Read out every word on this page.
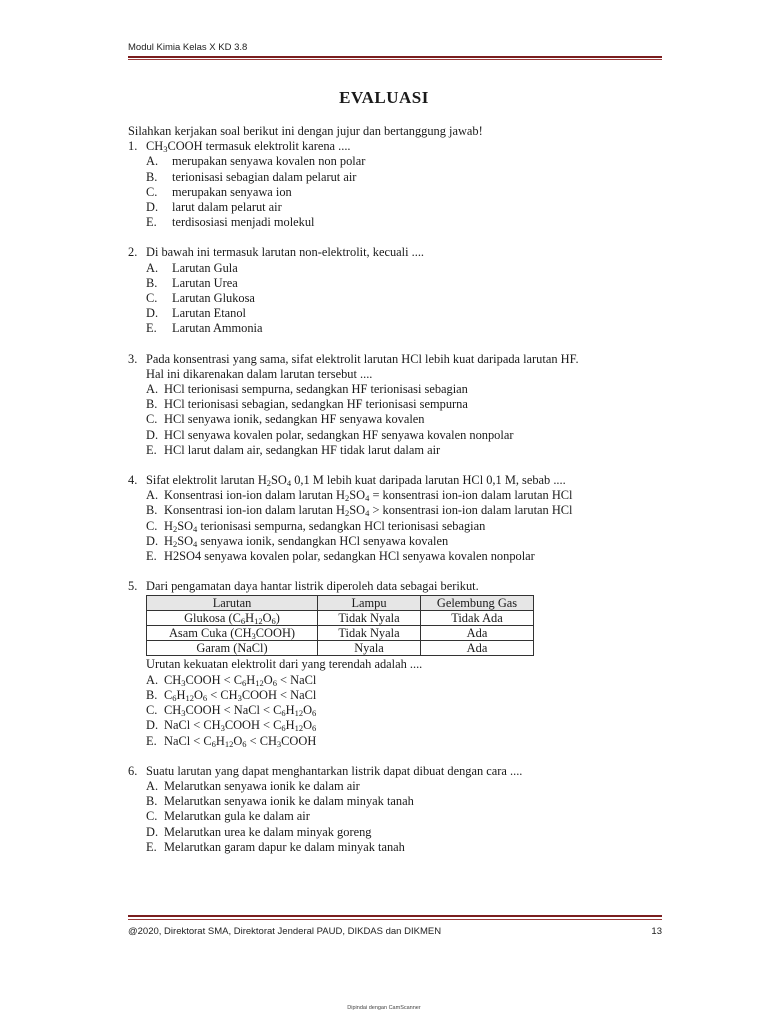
Modul Kimia Kelas X KD 3.8
EVALUASI

Silahkan kerjakan soal berikut ini dengan jujur dan bertanggung jawab!

1. $CH_3COOH$ termasuk elektrolit karena ....
A.	merupakan senyawa kovalen non polar
B.	terionisasi sebagian dalam pelarut air
C.	merupakan senyawa ion
D.	larut dalam pelarut air
E.	terdisosiasi menjadi molekul
2. Di bawah ini termasuk larutan non-elektrolit, kecuali ....
A.	Larutan Gula
B.	Larutan Urea
C.	Larutan Glukosa
D.	Larutan Etanol
E.	Larutan Ammonia
3. Pada konsentrasi yang sama, sifat elektrolit larutan HCl lebih kuat daripada larutan HF.
Hal ini dikarenakan dalam larutan tersebut ....
A. HCl terionisasi sempurna, sedangkan HF terionisasi sebagian
B. HCl terionisasi sebagian, sedangkan HF terionisasi sempurna
C. HCl senyawa ionik, sedangkan HF senyawa kovalen
D. HCl senyawa kovalen polar, sedangkan HF senyawa kovalen nonpolar
E. HCl larut dalam air, sedangkan HF tidak larut dalam air
4. Sifat elektrolit larutan $H_2SO_4$ 0,1 M lebih kuat daripada larutan HCl 0,1 M, sebab ....
A. Konsentrasi ion-ion dalam larutan $H_2SO_4$ = konsentrasi ion-ion dalam larutan HCl
B. Konsentrasi ion-ion dalam larutan $H_2SO_4$ > konsentrasi ion-ion dalam larutan HCl
C. $H_2SO_4$ terionisasi sempurna, sedangkan HCl terionisasi sebagian
D. $H_2SO_4$ senyawa ionik, sendangkan HCl senyawa kovalen
E. H2SO4 senyawa kovalen polar, sedangkan HCl senyawa kovalen nonpolar
5. Dari pengamatan daya hantar listrik diperoleh data sebagai berikut.
Larutan	Lampu	Gelembung Gas
Glukosa $(C_6H_{12}O_6)$	Tidak Nyala	Tidak Ada
Asam Cuka $(CH_3COOH)$	Tidak Nyala	Ada
Garam (NaCl)	Nyala	Ada
Urutan kekuatan elektrolit dari yang terendah adalah ....
A. $CH_3COOH < C_6H_{12}O_6$ < NaCl
B. $C_6H_{12}O_6$ < $CH_3COOH$ < NaCl
C. $CH_3COOH$ < NaCl < $C_6H_{12}O_6$
D. NaCl < $CH_3COOH < C_6H_{12}O_6$
E. NaCl < $C_6H_{12}O_6$ < $CH_3COOH$
6. Suatu larutan yang dapat menghantarkan listrik dapat dibuat dengan cara ....
A. Melarutkan senyawa ionik ke dalam air
B. Melarutkan senyawa ionik ke dalam minyak tanah
C. Melarutkan gula ke dalam air
D. Melarutkan urea ke dalam minyak goreng
E. Melarutkan garam dapur ke dalam minyak tanah
@2020, Direktorat SMA, Direktorat Jenderal PAUD, DIKDAS dan DIKMEN	13
Dipindai dengan CamScanner
